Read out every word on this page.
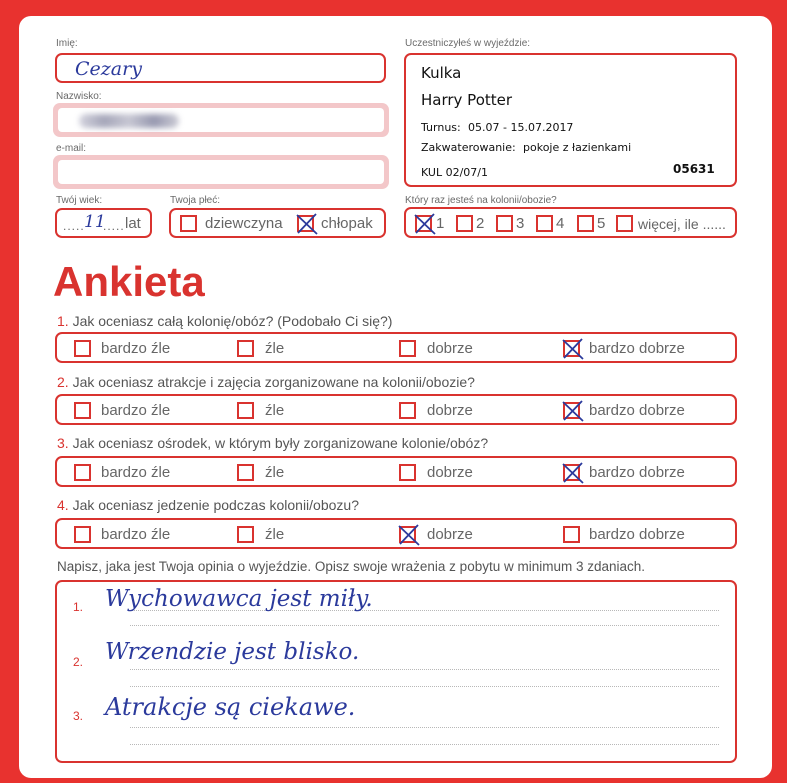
Imię:
Cezary
Nazwisko:
e-mail:
Twój wiek:
..... 11
..... lat
Twoja płeć:
dziewczyna	chłopak
Uczestniczyłeś w wyjeździe:
Kulka
Harry Potter
Turnus: 05.07 - 15.07.2017
Zakwaterowanie: pokoje z łazienkami
KUL 02/07/1	05631
Który raz jesteś na kolonii/obozie?
1 2 3 4 5 więcej, ile ......
Ankieta
1. Jak oceniasz całą kolonię/obóz? (Podobało Ci się?)
bardzo źle	źle	dobrze	bardzo dobrze
2. Jak oceniasz atrakcje i zajęcia zorganizowane na kolonii/obozie?
bardzo źle	źle	dobrze	bardzo dobrze
3. Jak oceniasz ośrodek, w którym były zorganizowane kolonie/obóz?
bardzo źle	źle	dobrze	bardzo dobrze
4. Jak oceniasz jedzenie podczas kolonii/obozu?
bardzo źle	źle	dobrze	bardzo dobrze
Napisz, jaka jest Twoja opinia o wyjeździe. Opisz swoje wrażenia z pobytu w minimum 3 zdaniach.
1. Wychowawca jest miły.
2. Wrzendzie jest blisko.
3. Atrakcje są ciekawe.
